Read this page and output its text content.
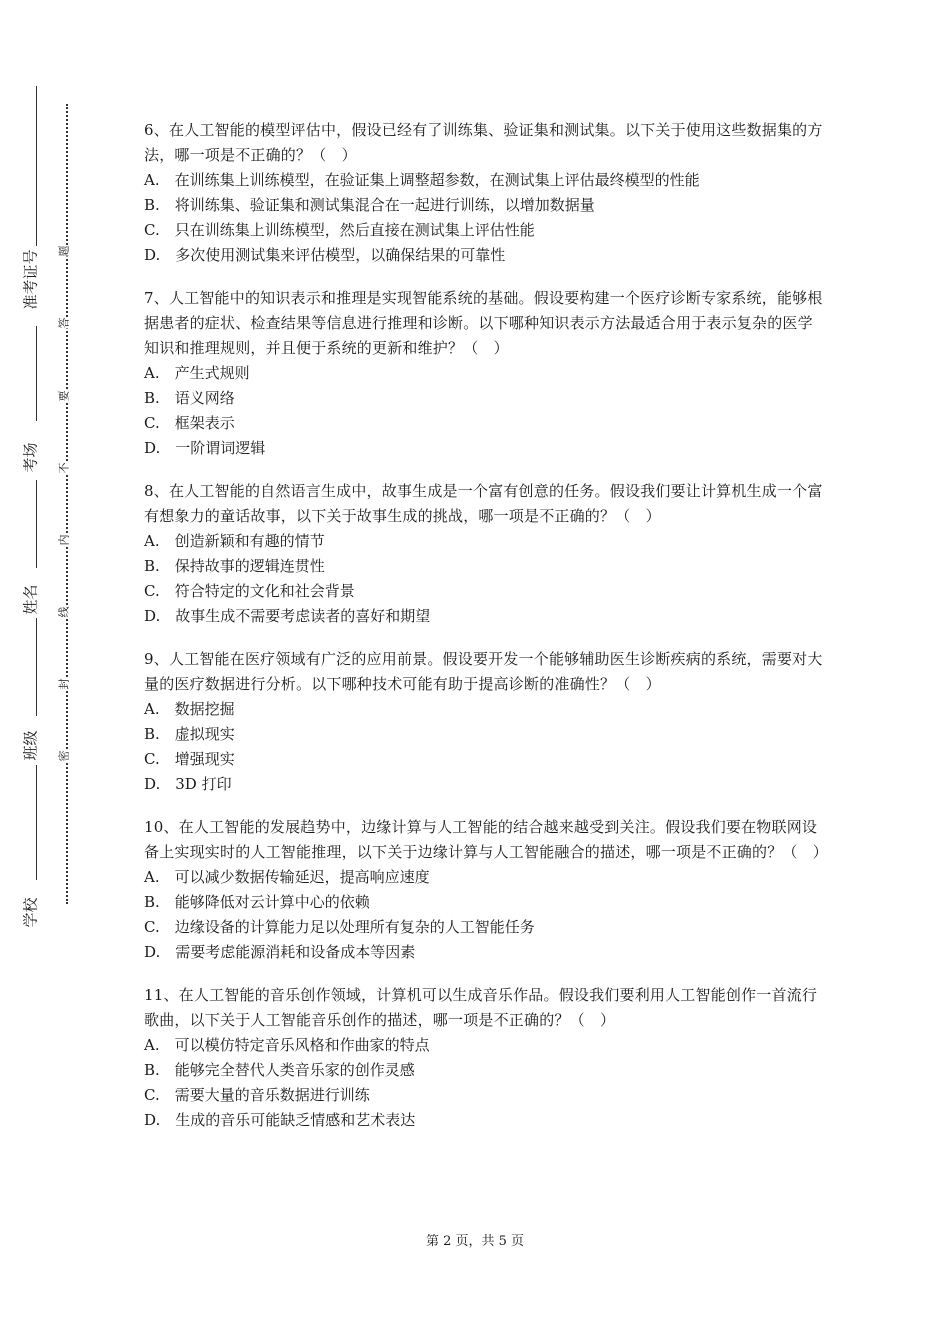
准考证号
考场
姓名
班级
学校
题
答
要
不
内
线
封
密
6、在人工智能的模型评估中，假设已经有了训练集、验证集和测试集。以下关于使用这些数据集的方法，哪一项是不正确的？（　）
A.　在训练集上训练模型，在验证集上调整超参数，在测试集上评估最终模型的性能
B.　将训练集、验证集和测试集混合在一起进行训练，以增加数据量
C.　只在训练集上训练模型，然后直接在测试集上评估性能
D.　多次使用测试集来评估模型，以确保结果的可靠性
7、人工智能中的知识表示和推理是实现智能系统的基础。假设要构建一个医疗诊断专家系统，能够根据患者的症状、检查结果等信息进行推理和诊断。以下哪种知识表示方法最适合用于表示复杂的医学知识和推理规则，并且便于系统的更新和维护？（　）
A.　产生式规则
B.　语义网络
C.　框架表示
D.　一阶谓词逻辑
8、在人工智能的自然语言生成中，故事生成是一个富有创意的任务。假设我们要让计算机生成一个富有想象力的童话故事，以下关于故事生成的挑战，哪一项是不正确的？（　）
A.　创造新颖和有趣的情节
B.　保持故事的逻辑连贯性
C.　符合特定的文化和社会背景
D.　故事生成不需要考虑读者的喜好和期望
9、人工智能在医疗领域有广泛的应用前景。假设要开发一个能够辅助医生诊断疾病的系统，需要对大量的医疗数据进行分析。以下哪种技术可能有助于提高诊断的准确性？（　）
A.　数据挖掘
B.　虚拟现实
C.　增强现实
D.　3D 打印
10、在人工智能的发展趋势中，边缘计算与人工智能的结合越来越受到关注。假设我们要在物联网设备上实现实时的人工智能推理，以下关于边缘计算与人工智能融合的描述，哪一项是不正确的？（　）
A.　可以减少数据传输延迟，提高响应速度
B.　能够降低对云计算中心的依赖
C.　边缘设备的计算能力足以处理所有复杂的人工智能任务
D.　需要考虑能源消耗和设备成本等因素
11、在人工智能的音乐创作领域，计算机可以生成音乐作品。假设我们要利用人工智能创作一首流行歌曲，以下关于人工智能音乐创作的描述，哪一项是不正确的？（　）
A.　可以模仿特定音乐风格和作曲家的特点
B.　能够完全替代人类音乐家的创作灵感
C.　需要大量的音乐数据进行训练
D.　生成的音乐可能缺乏情感和艺术表达
第 2 页，共 5 页
